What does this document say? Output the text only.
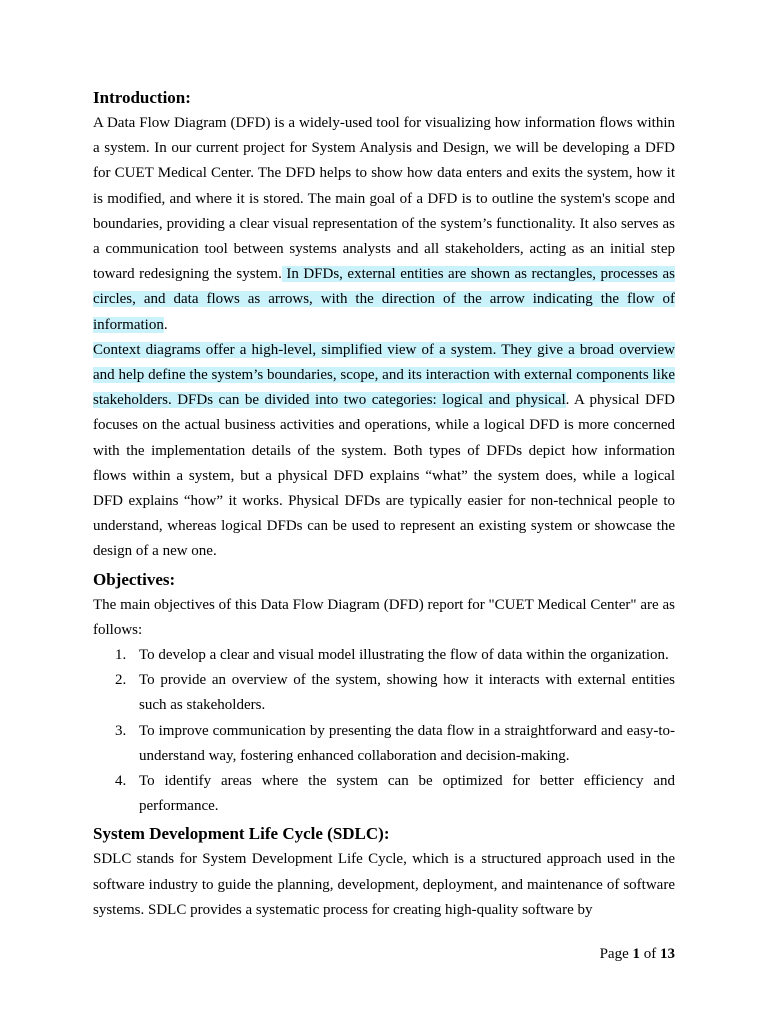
Introduction:

A Data Flow Diagram (DFD) is a widely-used tool for visualizing how information flows within a system. In our current project for System Analysis and Design, we will be developing a DFD for CUET Medical Center. The DFD helps to show how data enters and exits the system, how it is modified, and where it is stored. The main goal of a DFD is to outline the system's scope and boundaries, providing a clear visual representation of the system’s functionality. It also serves as a communication tool between systems analysts and all stakeholders, acting as an initial step toward redesigning the system. In DFDs, external entities are shown as rectangles, processes as circles, and data flows as arrows, with the direction of the arrow indicating the flow of information.

Context diagrams offer a high-level, simplified view of a system. They give a broad overview and help define the system’s boundaries, scope, and its interaction with external components like stakeholders. DFDs can be divided into two categories: logical and physical. A physical DFD focuses on the actual business activities and operations, while a logical DFD is more concerned with the implementation details of the system. Both types of DFDs depict how information flows within a system, but a physical DFD explains “what” the system does, while a logical DFD explains “how” it works. Physical DFDs are typically easier for non-technical people to understand, whereas logical DFDs can be used to represent an existing system or showcase the design of a new one.

Objectives:

The main objectives of this Data Flow Diagram (DFD) report for "CUET Medical Center" are as follows:

1. To develop a clear and visual model illustrating the flow of data within the organization.
2. To provide an overview of the system, showing how it interacts with external entities such as stakeholders.
3. To improve communication by presenting the data flow in a straightforward and easy-to-understand way, fostering enhanced collaboration and decision-making.
4. To identify areas where the system can be optimized for better efficiency and performance.
System Development Life Cycle (SDLC):

SDLC stands for System Development Life Cycle, which is a structured approach used in the software industry to guide the planning, development, deployment, and maintenance of software systems. SDLC provides a systematic process for creating high-quality software by

Page 1 of 13
